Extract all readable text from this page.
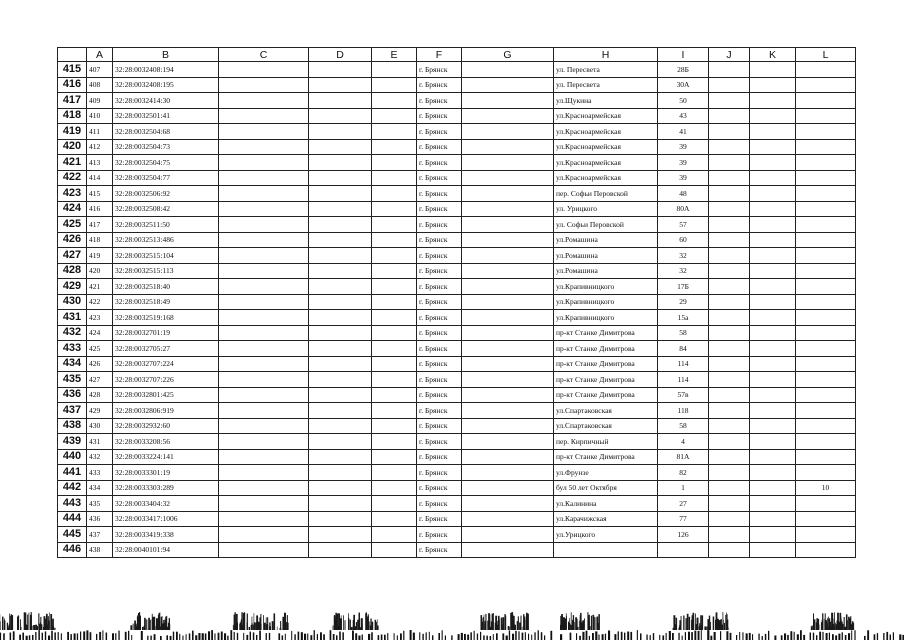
	A	B	C	D	E	F	G	H	I	J	K	L
415	407	32:28:0032408:194				г. Брянск		ул. Пересвета	28Б			
416	408	32:28:0032408:195				г. Брянск		ул. Пересвета	30А			
417	409	32:28:0032414:30				г. Брянск		ул.Щукина	50			
418	410	32:28:0032501:41				г. Брянск		ул.Красноармейская	43			
419	411	32:28:0032504:68				г. Брянск		ул.Красноармейская	41			
420	412	32:28:0032504:73				г. Брянск		ул.Красноармейская	39			
421	413	32:28:0032504:75				г. Брянск		ул.Красноармейская	39			
422	414	32:28:0032504:77				г. Брянск		ул.Красноармейская	39			
423	415	32:28:0032506:92				г. Брянск		пер. Софьи Перовской	48			
424	416	32:28:0032508:42				г. Брянск		ул. Урицкого	80А			
425	417	32:28:0032511:50				г. Брянск		ул. Софьи Перовской	57			
426	418	32:28:0032513:486				г. Брянск		ул.Ромашина	60			
427	419	32:28:0032515:104				г. Брянск		ул.Ромашина	32			
428	420	32:28:0032515:113				г. Брянск		ул.Ромашина	32			
429	421	32:28:0032518:40				г. Брянск		ул.Крапивницкого	17Б			
430	422	32:28:0032518:49				г. Брянск		ул.Крапивницкого	29			
431	423	32:28:0032519:168				г. Брянск		ул.Крапивницкого	15а			
432	424	32:28:0032701:19				г. Брянск		пр-кт Станке Димитрова	58			
433	425	32:28:0032705:27				г. Брянск		пр-кт Станке Димитрова	84			
434	426	32:28:0032707:224				г. Брянск		пр-кт Станке Димитрова	114			
435	427	32:28:0032707:226				г. Брянск		пр-кт Станке Димитрова	114			
436	428	32:28:0032801:425				г. Брянск		пр-кт Станке Димитрова	57в			
437	429	32:28:0032806:919				г. Брянск		ул.Спартаковская	118			
438	430	32:28:0032932:60				г. Брянск		ул.Спартаковская	58			
439	431	32:28:0033208:56				г. Брянск		пер. Кирпичный	4			
440	432	32:28:0033224:141				г. Брянск		пр-кт Станке Димитрова	81А			
441	433	32:28:0033301:19				г. Брянск		ул.Фрунзе	82			
442	434	32:28:0033303:289				г. Брянск		бул 50 лет Октября	1			10
443	435	32:28:0033404:32				г. Брянск		ул.Калинина	27			
444	436	32:28:0033417:1006				г. Брянск		ул.Карачижская	77			
445	437	32:28:0033419:338				г. Брянск		ул.Урицкого	126			
446	438	32:28:0040101:94				г. Брянск						
